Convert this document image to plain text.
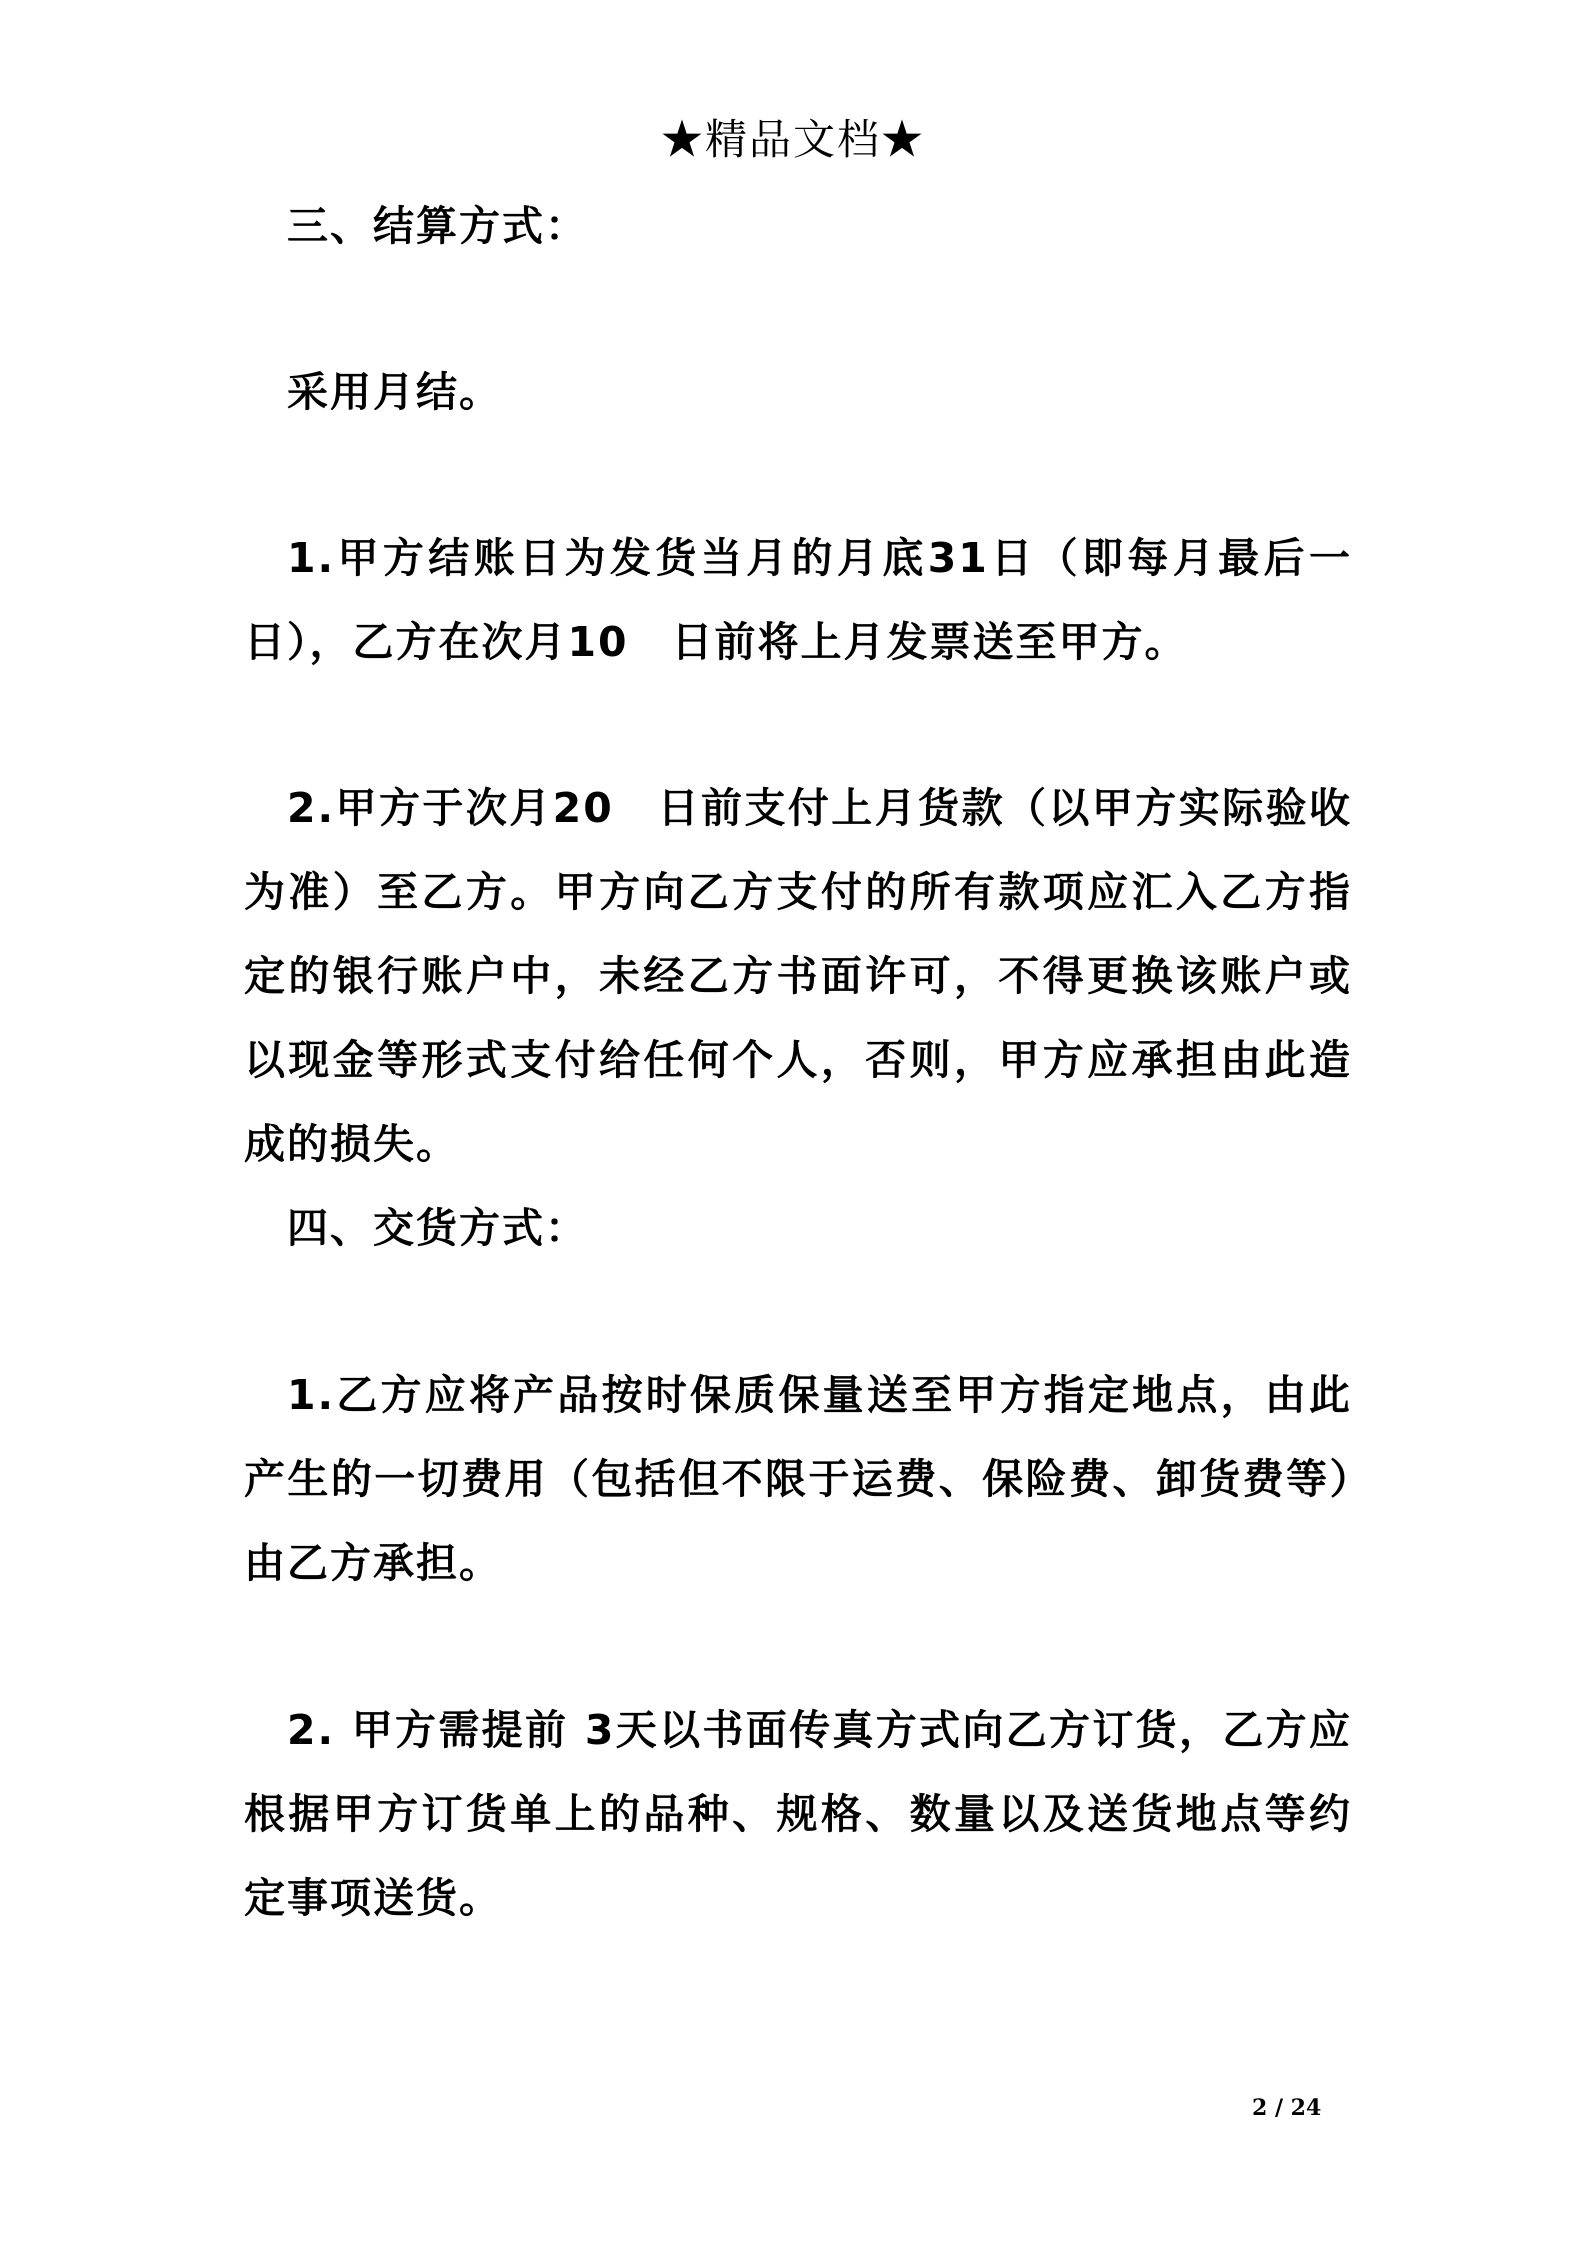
★精品文档★

三、结算方式：

采用月结。

1.甲方结账日为发货当月的月底31日（即每月最后一日），乙方在次月10　日前将上月发票送至甲方。

2.甲方于次月20　日前支付上月货款（以甲方实际验收为准）至乙方。甲方向乙方支付的所有款项应汇入乙方指定的银行账户中，未经乙方书面许可，不得更换该账户或以现金等形式支付给任何个人，否则，甲方应承担由此造成的损失。

四、交货方式：

1.乙方应将产品按时保质保量送至甲方指定地点，由此产生的一切费用（包括但不限于运费、保险费、卸货费等）由乙方承担。

2. 甲方需提前 3天以书面传真方式向乙方订货，乙方应根据甲方订货单上的品种、规格、数量以及送货地点等约定事项送货。

2 / 24
